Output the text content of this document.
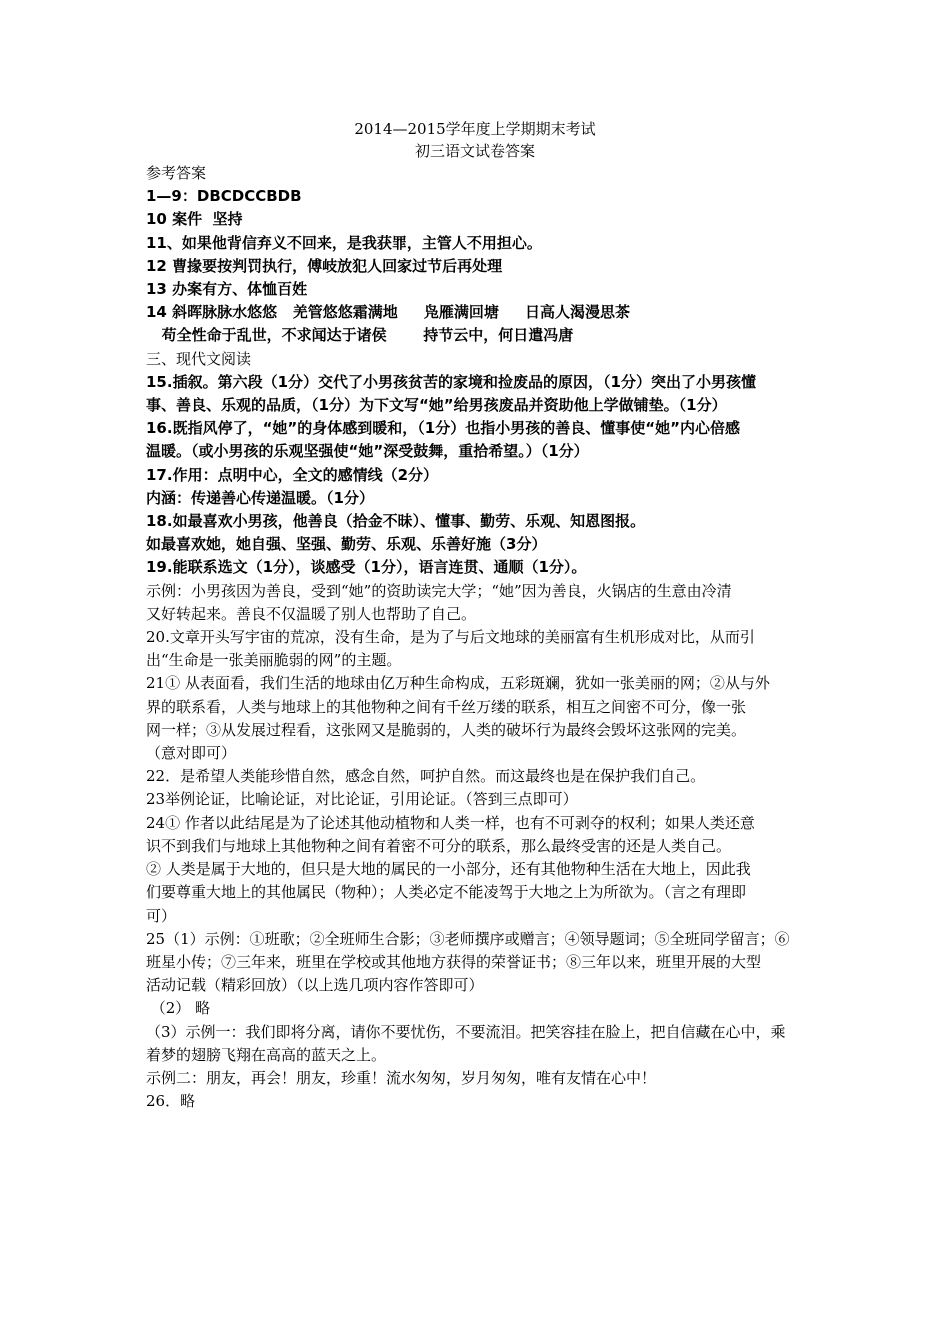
2014—2015学年度上学期期末考试
初三语文试卷答案
参考答案
1—9：DBCDCCBDB
10 案件  坚持
11、如果他背信弃义不回来，是我获罪，主管人不用担心。
12 曹掾要按判罚执行，傅岐放犯人回家过节后再处理
13 办案有方、体恤百姓
14 斜晖脉脉水悠悠   羌管悠悠霜满地     凫雁满回塘     日高人渴漫思茶
苟全性命于乱世，不求闻达于诸侯       持节云中，何日遣冯唐
三、现代文阅读
15.插叙。第六段（1分）交代了小男孩贫苦的家境和捡废品的原因，（1分）突出了小男孩懂
事、善良、乐观的品质，（1分）为下文写“她”给男孩废品并资助他上学做铺垫。（1分）
16.既指风停了，“她”的身体感到暖和，（1分）也指小男孩的善良、懂事使“她”内心倍感
温暖。（或小男孩的乐观坚强使“她”深受鼓舞，重拾希望。）（1分）
17.作用：点明中心，全文的感情线（2分）
内涵：传递善心传递温暖。（1分）
18.如最喜欢小男孩，他善良（拾金不昧）、懂事、勤劳、乐观、知恩图报。
如最喜欢她，她自强、坚强、勤劳、乐观、乐善好施（3分）
19.能联系选文（1分），谈感受（1分），语言连贯、通顺（1分）。
示例：小男孩因为善良，受到“她”的资助读完大学；“她”因为善良，火锅店的生意由冷清
又好转起来。善良不仅温暖了别人也帮助了自己。
20.文章开头写宇宙的荒凉，没有生命，是为了与后文地球的美丽富有生机形成对比，从而引
出“生命是一张美丽脆弱的网”的主题。
21① 从表面看，我们生活的地球由亿万种生命构成，五彩斑斓，犹如一张美丽的网；②从与外
界的联系看，人类与地球上的其他物种之间有千丝万缕的联系，相互之间密不可分，像一张
网一样；③从发展过程看，这张网又是脆弱的，人类的破坏行为最终会毁坏这张网的完美。
（意对即可）
22．是希望人类能珍惜自然，感念自然，呵护自然。而这最终也是在保护我们自己。
23举例论证，比喻论证，对比论证，引用论证。（答到三点即可）
24① 作者以此结尾是为了论述其他动植物和人类一样，也有不可剥夺的权利；如果人类还意
识不到我们与地球上其他物种之间有着密不可分的联系，那么最终受害的还是人类自己。
② 人类是属于大地的，但只是大地的属民的一小部分，还有其他物种生活在大地上，因此我
们要尊重大地上的其他属民（物种）；人类必定不能凌驾于大地之上为所欲为。（言之有理即
可）
25（1）示例：①班歌；②全班师生合影；③老师撰序或赠言；④领导题词；⑤全班同学留言；⑥
班星小传；⑦三年来，班里在学校或其他地方获得的荣誉证书；⑧三年以来，班里开展的大型
活动记载（精彩回放）（以上选几项内容作答即可）
（2） 略
（3）示例一：我们即将分离，请你不要忧伤，不要流泪。把笑容挂在脸上，把自信藏在心中，乘
着梦的翅膀飞翔在高高的蓝天之上。
示例二：朋友，再会！朋友，珍重！流水匆匆，岁月匆匆，唯有友情在心中！
26．略
